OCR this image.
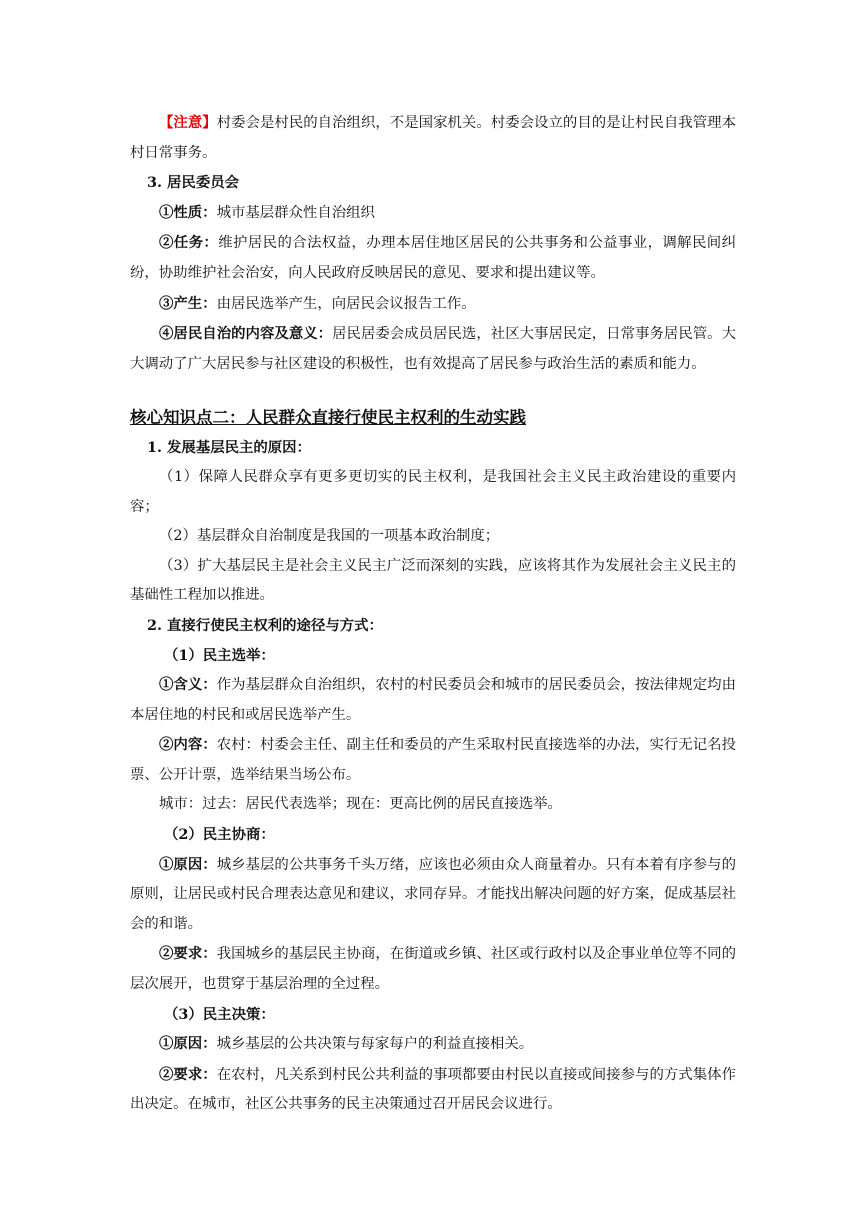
【注意】村委会是村民的自治组织，不是国家机关。村委会设立的目的是让村民自我管理本村日常事务。

3. 居民委员会

①性质：城市基层群众性自治组织

②任务：维护居民的合法权益，办理本居住地区居民的公共事务和公益事业，调解民间纠纷，协助维护社会治安，向人民政府反映居民的意见、要求和提出建议等。

③产生：由居民选举产生，向居民会议报告工作。

④居民自治的内容及意义：居民居委会成员居民选，社区大事居民定，日常事务居民管。大大调动了广大居民参与社区建设的积极性，也有效提高了居民参与政治生活的素质和能力。

核心知识点二：人民群众直接行使民主权利的生动实践

1. 发展基层民主的原因：

（1）保障人民群众享有更多更切实的民主权利，是我国社会主义民主政治建设的重要内容；

（2）基层群众自治制度是我国的一项基本政治制度；

（3）扩大基层民主是社会主义民主广泛而深刻的实践，应该将其作为发展社会主义民主的基础性工程加以推进。

2. 直接行使民主权利的途径与方式：

（1）民主选举：

①含义：作为基层群众自治组织，农村的村民委员会和城市的居民委员会，按法律规定均由本居住地的村民和或居民选举产生。

②内容：农村：村委会主任、副主任和委员的产生采取村民直接选举的办法，实行无记名投票、公开计票，选举结果当场公布。

城市：过去：居民代表选举；现在：更高比例的居民直接选举。

（2）民主协商：

①原因：城乡基层的公共事务千头万绪，应该也必须由众人商量着办。只有本着有序参与的原则，让居民或村民合理表达意见和建议，求同存异。才能找出解决问题的好方案，促成基层社会的和谐。

②要求：我国城乡的基层民主协商，在街道或乡镇、社区或行政村以及企事业单位等不同的层次展开，也贯穿于基层治理的全过程。

（3）民主决策：

①原因：城乡基层的公共决策与每家每户的利益直接相关。

②要求：在农村，凡关系到村民公共利益的事项都要由村民以直接或间接参与的方式集体作出决定。在城市，社区公共事务的民主决策通过召开居民会议进行。
